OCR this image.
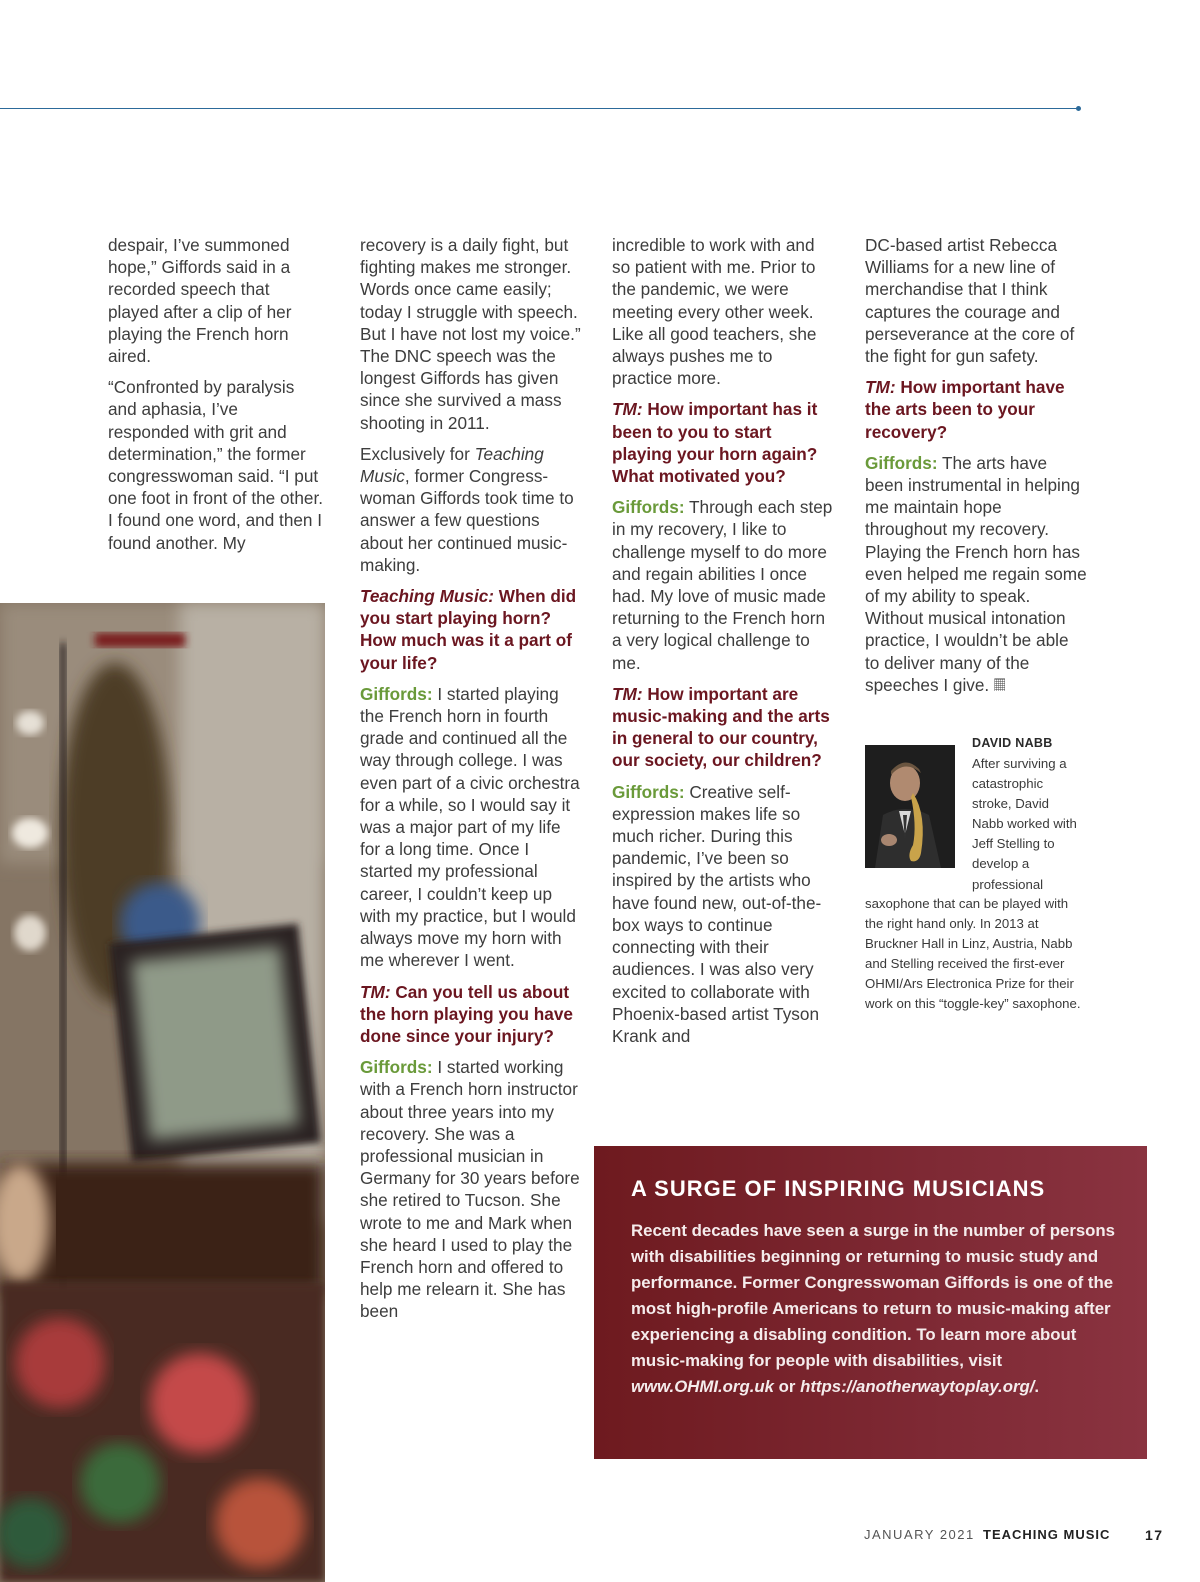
despair, I’ve summoned hope,” Giffords said in a recorded speech that played after a clip of her playing the French horn aired.

“Confronted by paralysis and aphasia, I’ve responded with grit and determination,” the former congresswoman said. “I put one foot in front of the other. I found one word, and then I found another. My

recovery is a daily fight, but fighting makes me stronger. Words once came easily; today I struggle with speech. But I have not lost my voice.” The DNC speech was the longest Giffords has given since she survived a mass shooting in 2011.

Exclusively for Teaching Music, former Congress-woman Giffords took time to answer a few questions about her continued music-making.

Teaching Music: When did you start playing horn? How much was it a part of your life?

Giffords: I started playing the French horn in fourth grade and continued all the way through college. I was even part of a civic orchestra for a while, so I would say it was a major part of my life for a long time. Once I started my professional career, I couldn’t keep up with my practice, but I would always move my horn with me wherever I went.

TM: Can you tell us about the horn playing you have done since your injury?

Giffords: I started working with a French horn instructor about three years into my recovery. She was a professional musician in Germany for 30 years before she retired to Tucson. She wrote to me and Mark when she heard I used to play the French horn and offered to help me relearn it. She has been

incredible to work with and so patient with me. Prior to the pandemic, we were meeting every other week. Like all good teachers, she always pushes me to practice more.

TM: How important has it been to you to start playing your horn again? What motivated you?

Giffords: Through each step in my recovery, I like to challenge myself to do more and regain abilities I once had. My love of music made returning to the French horn a very logical challenge to me.

TM: How important are music-making and the arts in general to our country, our society, our children?

Giffords: Creative self-expression makes life so much richer. During this pandemic, I’ve been so inspired by the artists who have found new, out-of-the-box ways to continue connecting with their audiences. I was also very excited to collaborate with Phoenix-based artist Tyson Krank and

DC-based artist Rebecca Williams for a new line of merchandise that I think captures the courage and perseverance at the core of the fight for gun safety.

TM: How important have the arts been to your recovery?

Giffords: The arts have been instrumental in helping me maintain hope throughout my recovery. Playing the French horn has even helped me regain some of my ability to speak. Without musical intonation practice, I wouldn’t be able to deliver many of the speeches I give. 𝄜

DAVID NABB
After surviving a catastrophic stroke, David Nabb worked with Jeff Stelling to develop a professional
saxophone that can be played with the right hand only. In 2013 at Bruckner Hall in Linz, Austria, Nabb and Stelling received the first-ever OHMI/Ars Electronica Prize for their work on this “toggle-key” saxophone.
A SURGE OF INSPIRING MUSICIANS
Recent decades have seen a surge in the number of persons with disabilities beginning or returning to music study and performance. Former Congresswoman Giffords is one of the most high-profile Americans to return to music-making after experiencing a disabling condition. To learn more about music-making for people with disabilities, visit www.OHMI.org.uk or https://anotherwaytoplay.org/.
JANUARY 2021 TEACHING MUSIC 17
